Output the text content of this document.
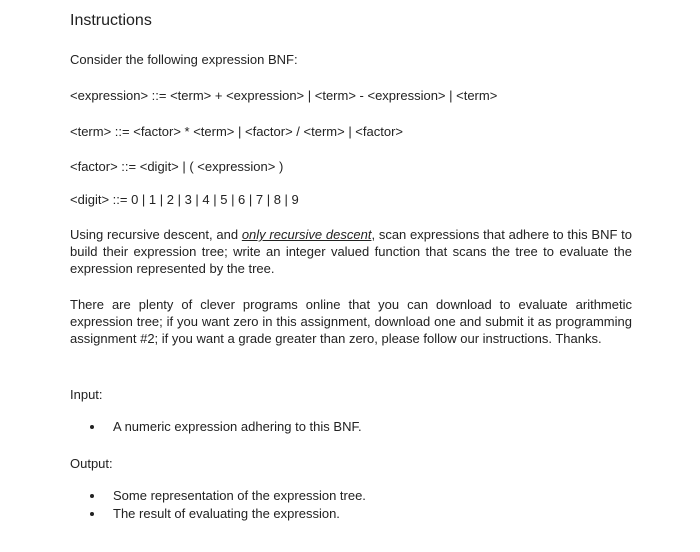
Instructions
Consider the following expression BNF:
<expression> ::= <term> + <expression> | <term> - <expression> | <term>
<term> ::= <factor> * <term> | <factor> / <term> | <factor>
<factor> ::= <digit> | ( <expression> )
<digit> ::= 0 | 1 | 2 | 3 | 4 | 5 | 6 | 7 | 8 | 9
Using recursive descent, and only recursive descent, scan expressions that adhere to this BNF to build their expression tree; write an integer valued function that scans the tree to evaluate the expression represented by the tree.
There are plenty of clever programs online that you can download to evaluate arithmetic expression tree; if you want zero in this assignment, download one and submit it as programming assignment #2; if you want a grade greater than zero, please follow our instructions. Thanks.
Input:
A numeric expression adhering to this BNF.
Output:
Some representation of the expression tree.
The result of evaluating the expression.
